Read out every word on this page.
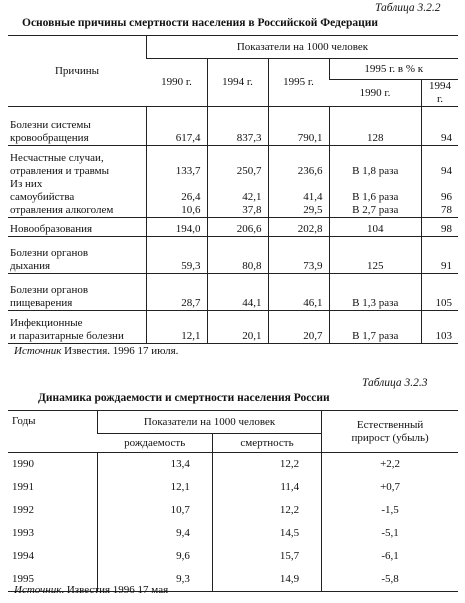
Таблица 3.2.2
Основные причины смертности населения в Российской Федерации
Причины	Показатели на 1000 человек				
	1990 г.	1994 г.	1995 г.	1995 г. в % к	
				1990 г.	1994 г.

Болезни системы
кровообращения	617,4	837,3	790,1	128	94

Несчастные случаи,
отравления и травмы	133,7	250,7	236,6	В 1,8 раза	94
Из них					
самоубийства	26,4	42,1	41,4	В 1,6 раза	96
отравления алкоголем	10,6	37,8	29,5	В 2,7 раза	78
Новообразования	194,0	206,6	202,8	104	98

Болезни органов
дыхания	59,3	80,8	73,9	125	91

Болезни органов
пищеварения	28,7	44,1	46,1	В 1,3 раза	105

Инфекционные
и паразитарные болезни	12,1	20,1	20,7	В 1,7 раза	103
Источник Известия. 1996 17 июля.
Таблица 3.2.3
Динамика рождаемости и смертности населения России
Годы	Показатели на 1000 человек		Естественный
прирост (убыль)

	рождаемость	смертность	
1990	13,4	12,2	+2,2
1991	12,1	11,4	+0,7
1992	10,7	12,2	-1,5
1993	9,4	14,5	-5,1
1994	9,6	15,7	-6,1
1995	9,3	14,9	-5,8
Источник. Известия 1996 17 мая
